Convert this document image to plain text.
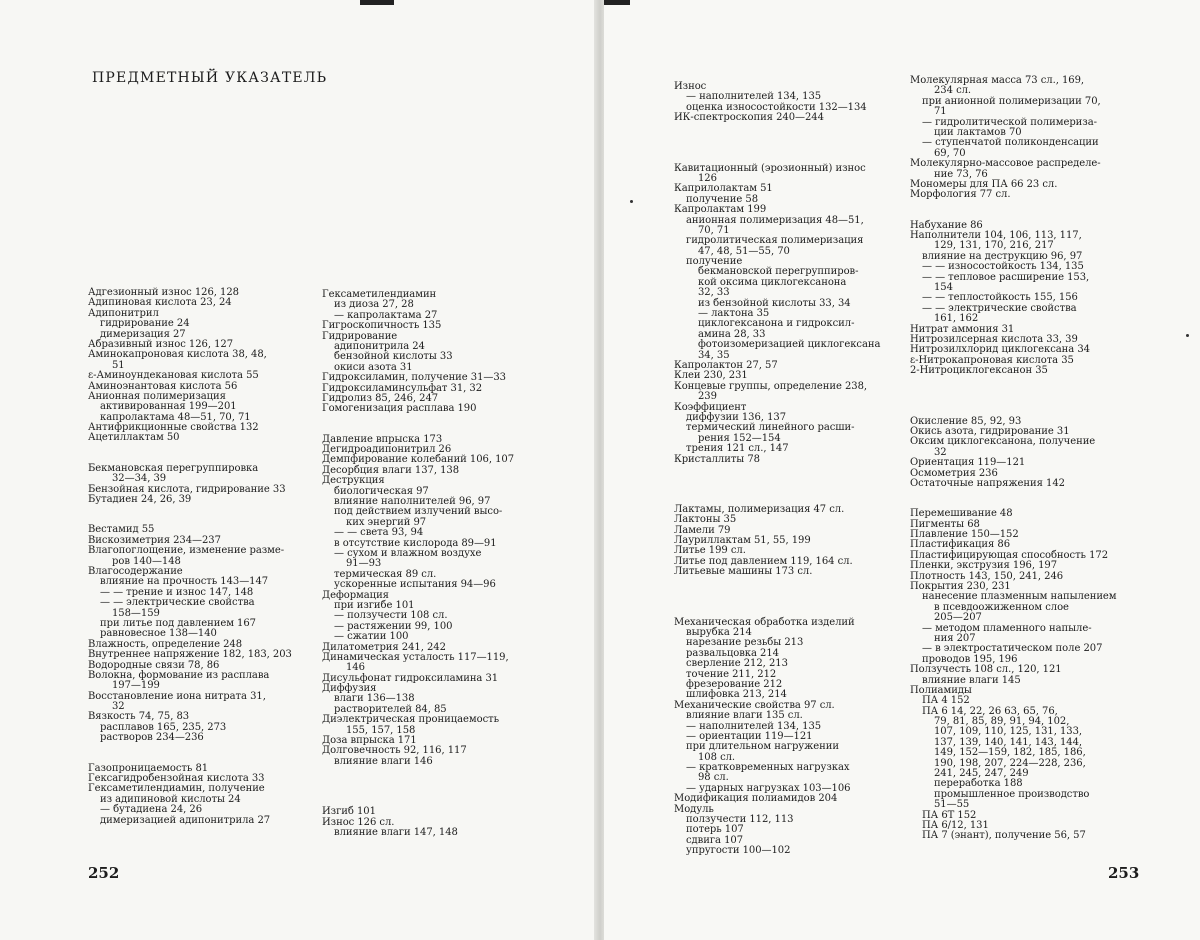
ПРЕДМЕТНЫЙ УКАЗАТЕЛЬ
Адгезионный износ 126, 128
Адипиновая кислота 23, 24
Адипонитрил
гидрирование 24
димеризация 27
Абразивный износ 126, 127
Аминокапроновая кислота 38, 48,
51
ε-Аминоундекановая кислота 55
Аминоэнантовая кислота 56
Анионная полимеризация
активированная 199—201
капролактама 48—51, 70, 71
Антифрикционные свойства 132
Ацетиллактам 50
Бекмановская перегруппировка
32—34, 39
Бензойная кислота, гидрирование 33
Бутадиен 24, 26, 39
Вестамид 55
Вискозиметрия 234—237
Влагопоглощение, изменение разме-
ров 140—148
Влагосодержание
влияние на прочность 143—147
— — трение и износ 147, 148
— — электрические свойства
158—159
при литье под давлением 167
равновесное 138—140
Влажность, определение 248
Внутреннее напряжение 182, 183, 203
Водородные связи 78, 86
Волокна, формование из расплава
197—199
Восстановление иона нитрата 31,
32
Вязкость 74, 75, 83
расплавов 165, 235, 273
растворов 234—236
Газопроницаемость 81
Гексагидробензойная кислота 33
Гексаметилендиамин, получение
из адипиновой кислоты 24
— бутадиена 24, 26
димеризацией адипонитрила 27
Гексаметилендиамин
из диоза 27, 28
— капролактама 27
Гигроскопичность 135
Гидрирование
адипонитрила 24
бензойной кислоты 33
окиси азота 31
Гидроксиламин, получение 31—33
Гидроксиламинсульфат 31, 32
Гидролиз 85, 246, 247
Гомогенизация расплава 190
Давление впрыска 173
Дегидроадипонитрил 26
Демпфирование колебаний 106, 107
Десорбция влаги 137, 138
Деструкция
биологическая 97
влияние наполнителей 96, 97
под действием излучений высо-
ких энергий 97
— — света 93, 94
в отсутствие кислорода 89—91
— сухом и влажном воздухе
91—93
термическая 89 сл.
ускоренные испытания 94—96
Деформация
при изгибе 101
— ползучести 108 сл.
— растяжении 99, 100
— сжатии 100
Дилатометрия 241, 242
Динамическая усталость 117—119,
146
Дисульфонат гидроксиламина 31
Диффузия
влаги 136—138
растворителей 84, 85
Диэлектрическая проницаемость
155, 157, 158
Доза впрыска 171
Долговечность 92, 116, 117
влияние влаги 146
Изгиб 101
Износ 126 сл.
влияние влаги 147, 148
252
Износ
— наполнителей 134, 135
оценка износостойкости 132—134
ИК-спектроскопия 240—244
Кавитационный (эрозионный) износ
126
Каприлолактам 51
получение 58
Капролактам 199
анионная полимеризация 48—51,
70, 71
гидролитическая полимеризация
47, 48, 51—55, 70
получение
бекмановской перегруппиров-
кой оксима циклогексанона
32, 33
из бензойной кислоты 33, 34
— лактона 35
циклогексанона и гидроксил-
амина 28, 33
фотоизомеризацией циклогексана
34, 35
Капролактон 27, 57
Клеи 230, 231
Концевые группы, определение 238,
239
Коэффициент
диффузии 136, 137
термический линейного расши-
рения 152—154
трения 121 сл., 147
Кристаллиты 78
Лактамы, полимеризация 47 сл.
Лактоны 35
Ламели 79
Лауриллактам 51, 55, 199
Литье 199 сл.
Литье под давлением 119, 164 сл.
Литьевые машины 173 сл.
Механическая обработка изделий
вырубка 214
нарезание резьбы 213
развальцовка 214
сверление 212, 213
точение 211, 212
фрезерование 212
шлифовка 213, 214
Механические свойства 97 сл.
влияние влаги 135 сл.
— наполнителей 134, 135
— ориентации 119—121
при длительном нагружении
108 сл.
— кратковременных нагрузках
98 сл.
— ударных нагрузках 103—106
Модификация полиамидов 204
Модуль
ползучести 112, 113
потерь 107
сдвига 107
упругости 100—102
Молекулярная масса 73 сл., 169,
234 сл.
при анионной полимеризации 70,
71
— гидролитической полимериза-
ции лактамов 70
— ступенчатой поликонденсации
69, 70
Молекулярно-массовое распределе-
ние 73, 76
Мономеры для ПА 66 23 сл.
Морфология 77 сл.
Набухание 86
Наполнители 104, 106, 113, 117,
129, 131, 170, 216, 217
влияние на деструкцию 96, 97
— — износостойкость 134, 135
— — тепловое расширение 153,
154
— — теплостойкость 155, 156
— — электрические свойства
161, 162
Нитрат аммония 31
Нитрозилсерная кислота 33, 39
Нитрозилхлорид циклогексана 34
ε-Нитрокапроновая кислота 35
2-Нитроциклогексанон 35
Окисление 85, 92, 93
Окись азота, гидрирование 31
Оксим циклогексанона, получение
32
Ориентация 119—121
Осмометрия 236
Остаточные напряжения 142
Перемешивание 48
Пигменты 68
Плавление 150—152
Пластификация 86
Пластифицирующая способность 172
Пленки, экструзия 196, 197
Плотность 143, 150, 241, 246
Покрытия 230, 231
нанесение плазменным напылением
в псевдоожиженном слое
205—207
— методом пламенного напыле-
ния 207
— в электростатическом поле 207
проводов 195, 196
Ползучесть 108 сл., 120, 121
влияние влаги 145
Полиамиды
ПА 4 152
ПА 6 14, 22, 26 63, 65, 76,
79, 81, 85, 89, 91, 94, 102,
107, 109, 110, 125, 131, 133,
137, 139, 140, 141, 143, 144,
149, 152—159, 182, 185, 186,
190, 198, 207, 224—228, 236,
241, 245, 247, 249
переработка 188
промышленное производство
51—55
ПА 6Т 152
ПА 6/12, 131
ПА 7 (энант), получение 56, 57
253
